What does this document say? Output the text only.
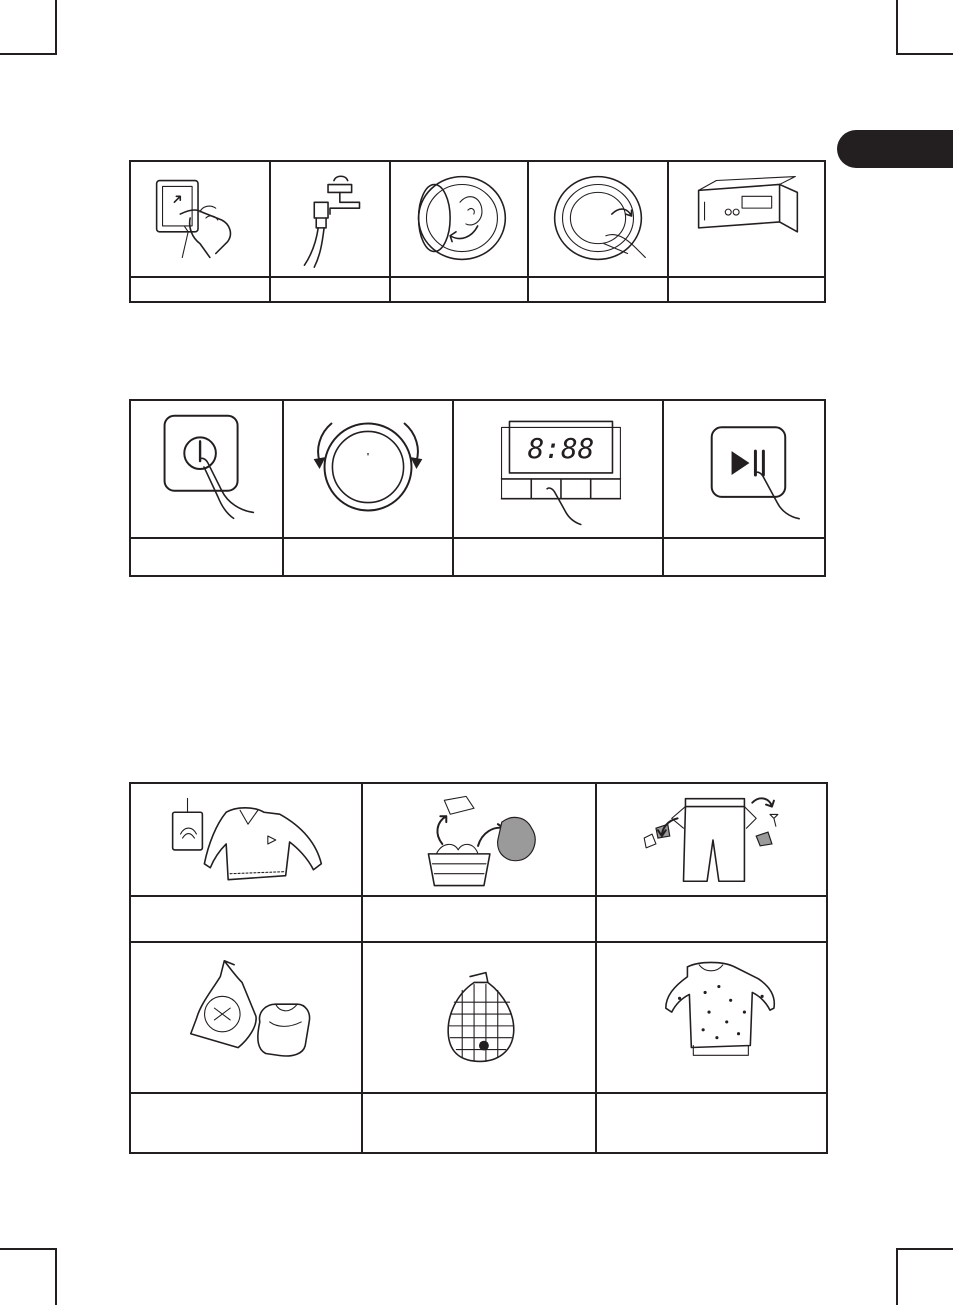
8:88
